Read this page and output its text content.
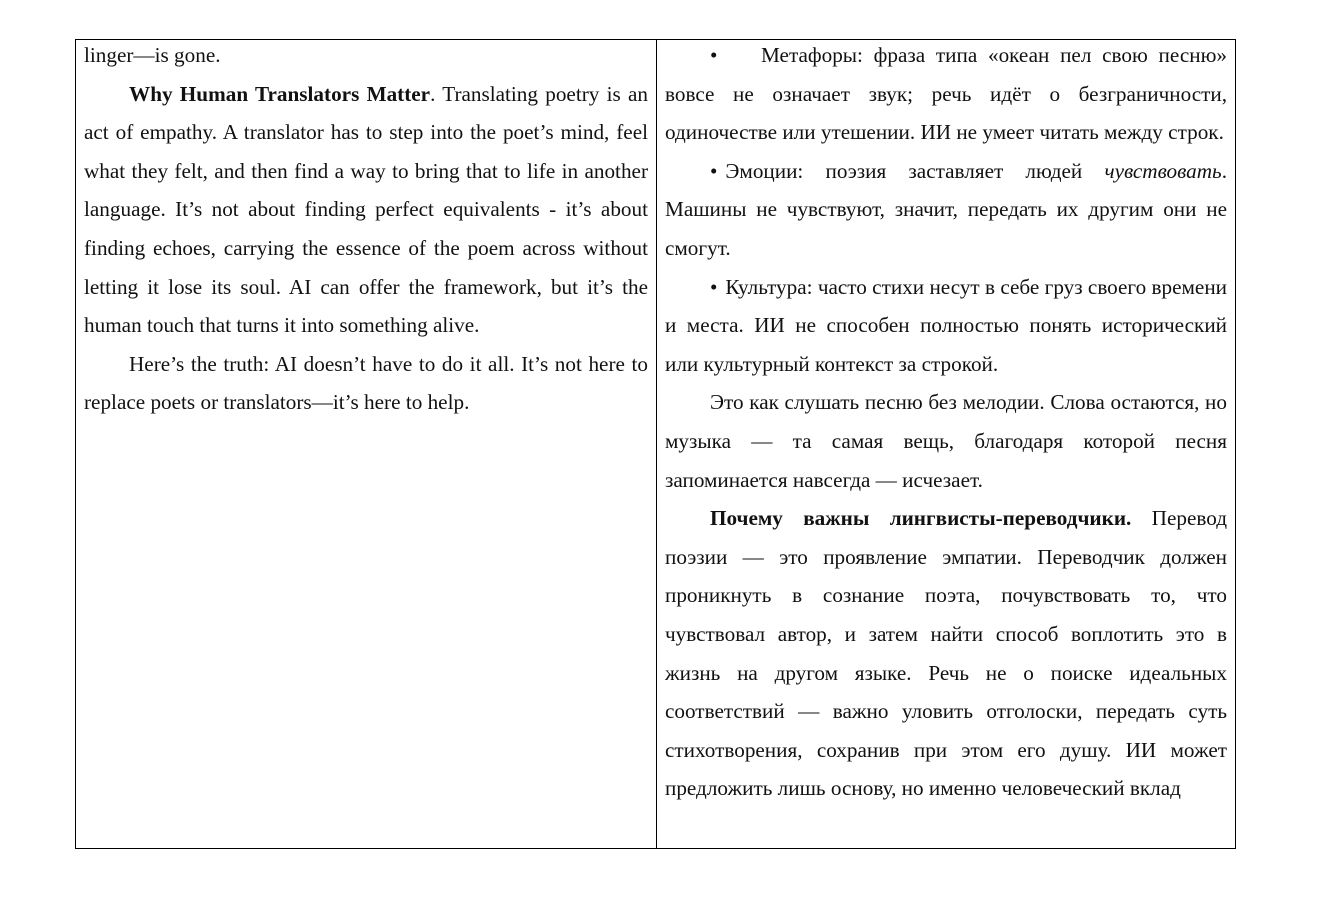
linger—is gone.

Why Human Translators Matter. Translating poetry is an act of empathy. A translator has to step into the poet’s mind, feel what they felt, and then find a way to bring that to life in another language. It’s not about finding perfect equivalents - it’s about finding echoes, carrying the essence of the poem across without letting it lose its soul. AI can offer the framework, but it’s the human touch that turns it into something alive.

Here’s the truth: AI doesn’t have to do it all. It’s not here to replace poets or translators—it’s here to help.

• Метафоры: фраза типа «океан пел свою песню» вовсе не означает звук; речь идёт о безграничности, одиночестве или утешении. ИИ не умеет читать между строк.

• Эмоции: поэзия заставляет людей чувствовать. Машины не чувствуют, значит, передать их другим они не смогут.

• Культура: часто стихи несут в себе груз своего времени и места. ИИ не способен полностью понять исторический или культурный контекст за строкой.

Это как слушать песню без мелодии. Слова остаются, но музыка — та самая вещь, благодаря которой песня запоминается навсегда — исчезает.

Почему важны лингвисты-переводчики. Перевод поэзии — это проявление эмпатии. Переводчик должен проникнуть в сознание поэта, почувствовать то, что чувствовал автор, и затем найти способ воплотить это в жизнь на другом языке. Речь не о поиске идеальных соответствий — важно уловить отголоски, передать суть стихотворения, сохранив при этом его душу. ИИ может предложить лишь основу, но именно человеческий вклад
